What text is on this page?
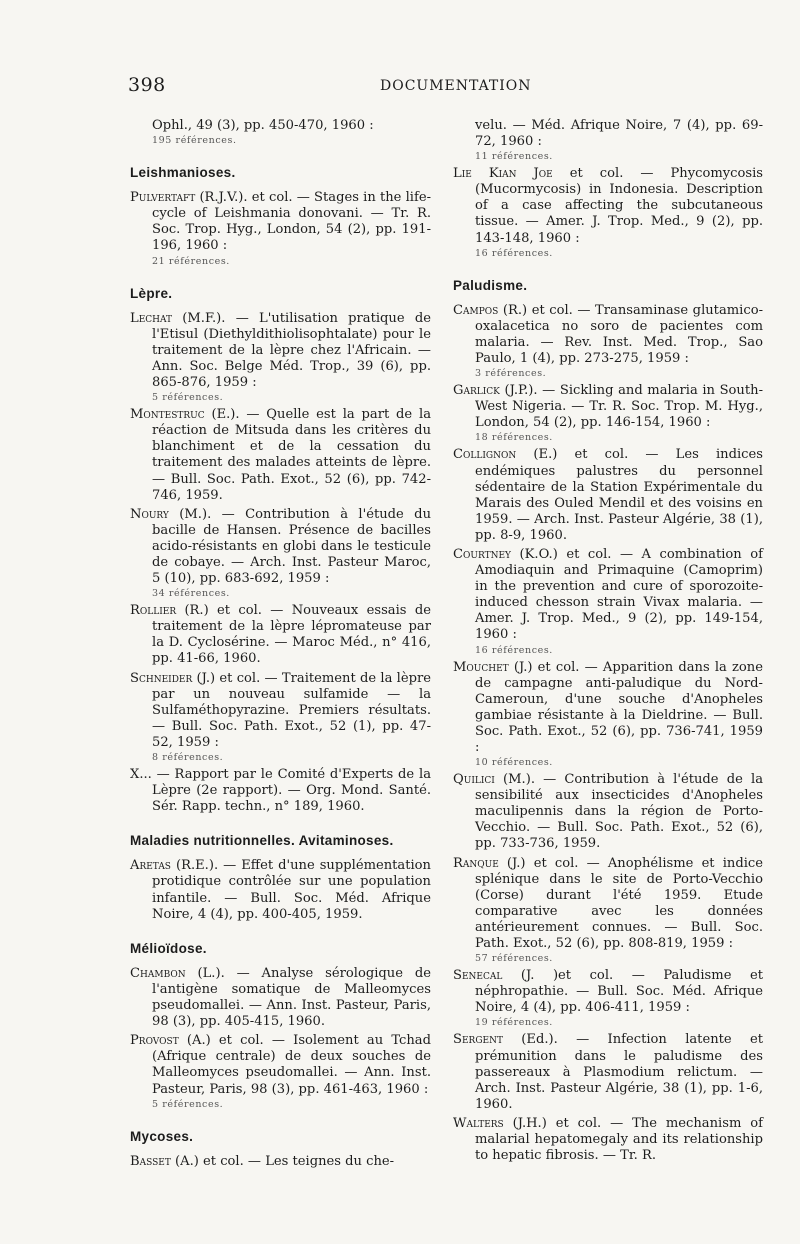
398	DOCUMENTATION
Ophl., 49 (3), pp. 450-470, 1960 :
195 références.
Leishmanioses.
Pulvertaft (R.J.V.). et col. — Stages in the life-cycle of Leishmania donovani. — Tr. R. Soc. Trop. Hyg., London, 54 (2), pp. 191-196, 1960 :
21 références.
Lèpre.
Lechat (M.F.). — L'utilisation pratique de l'Etisul (Diethyldithiolisophtalate) pour le traitement de la lèpre chez l'Africain. — Ann. Soc. Belge Méd. Trop., 39 (6), pp. 865-876, 1959 :
5 références.
Montestruc (E.). — Quelle est la part de la réaction de Mitsuda dans les critères du blanchiment et de la cessation du traitement des malades atteints de lèpre. — Bull. Soc. Path. Exot., 52 (6), pp. 742-746, 1959.
Noury (M.). — Contribution à l'étude du bacille de Hansen. Présence de bacilles acido-résistants en globi dans le testicule de cobaye. — Arch. Inst. Pasteur Maroc, 5 (10), pp. 683-692, 1959 :
34 références.
Rollier (R.) et col. — Nouveaux essais de traitement de la lèpre lépromateuse par la D. Cyclosérine. — Maroc Méd., n° 416, pp. 41-66, 1960.
Schneider (J.) et col. — Traitement de la lèpre par un nouveau sulfamide — la Sulfaméthopyrazine. Premiers résultats. — Bull. Soc. Path. Exot., 52 (1), pp. 47-52, 1959 :
8 références.
X... — Rapport par le Comité d'Experts de la Lèpre (2e rapport). — Org. Mond. Santé. Sér. Rapp. techn., n° 189, 1960.
Maladies nutritionnelles. Avitaminoses.
Aretas (R.E.). — Effet d'une supplémentation protidique contrôlée sur une population infantile. — Bull. Soc. Méd. Afrique Noire, 4 (4), pp. 400-405, 1959.
Mélioïdose.
Chambon (L.). — Analyse sérologique de l'antigène somatique de Malleomyces pseudomallei. — Ann. Inst. Pasteur, Paris, 98 (3), pp. 405-415, 1960.
Provost (A.) et col. — Isolement au Tchad (Afrique centrale) de deux souches de Malleomyces pseudomallei. — Ann. Inst. Pasteur, Paris, 98 (3), pp. 461-463, 1960 :
5 références.
Mycoses.
Basset (A.) et col. — Les teignes du che-
velu. — Méd. Afrique Noire, 7 (4), pp. 69-72, 1960 :
11 références.
Lie Kian Joe et col. — Phycomycosis (Mucormycosis) in Indonesia. Description of a case affecting the subcutaneous tissue. — Amer. J. Trop. Med., 9 (2), pp. 143-148, 1960 :
16 références.
Paludisme.
Campos (R.) et col. — Transaminase glutamico-oxalacetica no soro de pacientes com malaria. — Rev. Inst. Med. Trop., Sao Paulo, 1 (4), pp. 273-275, 1959 :
3 références.
Garlick (J.P.). — Sickling and malaria in South-West Nigeria. — Tr. R. Soc. Trop. M. Hyg., London, 54 (2), pp. 146-154, 1960 :
18 références.
Collignon (E.) et col. — Les indices endémiques palustres du personnel sédentaire de la Station Expérimentale du Marais des Ouled Mendil et des voisins en 1959. — Arch. Inst. Pasteur Algérie, 38 (1), pp. 8-9, 1960.
Courtney (K.O.) et col. — A combination of Amodiaquin and Primaquine (Camoprim) in the prevention and cure of sporozoite-induced chesson strain Vivax malaria. — Amer. J. Trop. Med., 9 (2), pp. 149-154, 1960 :
16 références.
Mouchet (J.) et col. — Apparition dans la zone de campagne anti-paludique du Nord-Cameroun, d'une souche d'Anopheles gambiae résistante à la Dieldrine. — Bull. Soc. Path. Exot., 52 (6), pp. 736-741, 1959 :
10 références.
Quilici (M.). — Contribution à l'étude de la sensibilité aux insecticides d'Anopheles maculipennis dans la région de Porto-Vecchio. — Bull. Soc. Path. Exot., 52 (6), pp. 733-736, 1959.
Ranque (J.) et col. — Anophélisme et indice splénique dans le site de Porto-Vecchio (Corse) durant l'été 1959. Etude comparative avec les données antérieurement connues. — Bull. Soc. Path. Exot., 52 (6), pp. 808-819, 1959 :
57 références.
Senecal (J. )et col. — Paludisme et néphropathie. — Bull. Soc. Méd. Afrique Noire, 4 (4), pp. 406-411, 1959 :
19 références.
Sergent (Ed.). — Infection latente et prémunition dans le paludisme des passereaux à Plasmodium relictum. — Arch. Inst. Pasteur Algérie, 38 (1), pp. 1-6, 1960.
Walters (J.H.) et col. — The mechanism of malarial hepatomegaly and its relationship to hepatic fibrosis. — Tr. R.
